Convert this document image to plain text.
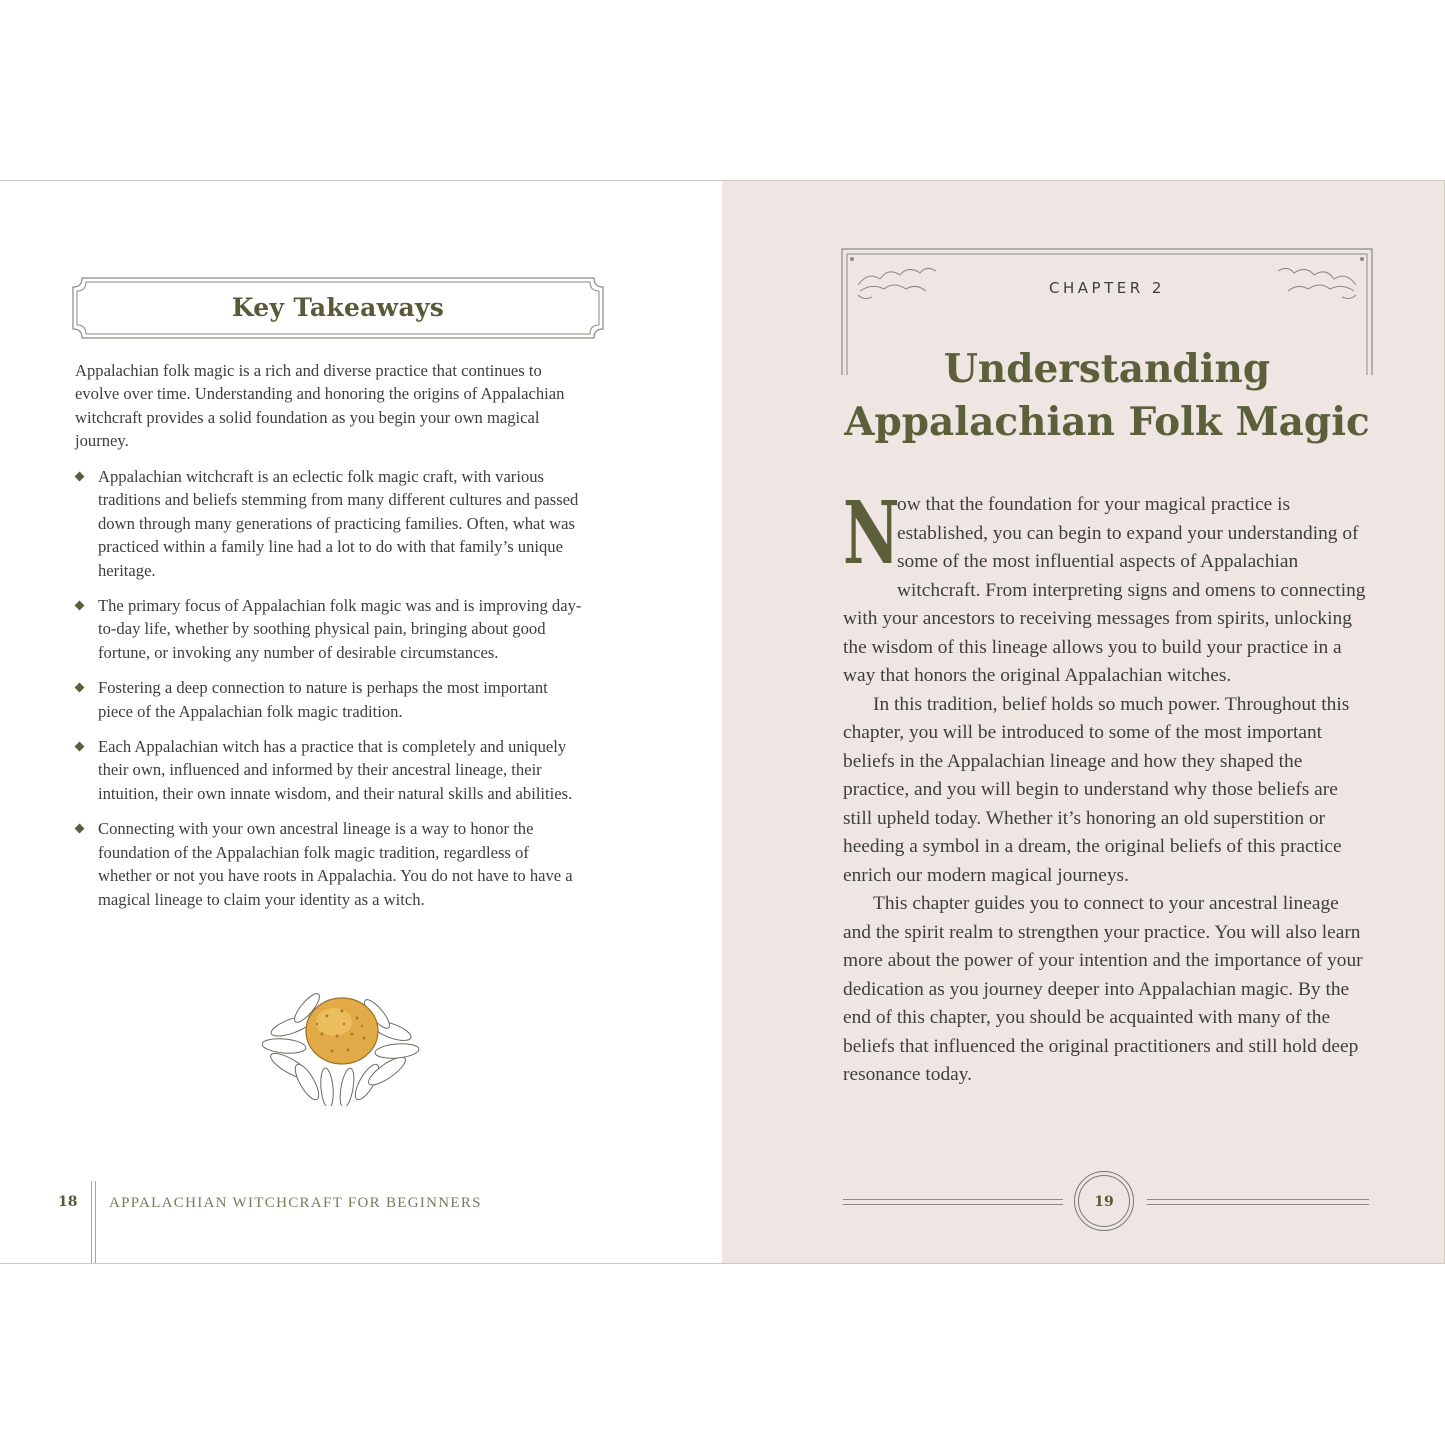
Key Takeaways

Appalachian folk magic is a rich and diverse practice that continues to evolve over time. Understanding and honoring the origins of Appalachian witchcraft provides a solid foundation as you begin your own magical journey.

Appalachian witchcraft is an eclectic folk magic craft, with various traditions and beliefs stemming from many different cultures and passed down through many generations of practicing families. Often, what was practiced within a family line had a lot to do with that family’s unique heritage.
The primary focus of Appalachian folk magic was and is improving day-to-day life, whether by soothing physical pain, bringing about good fortune, or invoking any number of desirable circumstances.
Fostering a deep connection to nature is perhaps the most important piece of the Appalachian folk magic tradition.
Each Appalachian witch has a practice that is completely and uniquely their own, influenced and informed by their ancestral lineage, their intuition, their own innate wisdom, and their natural skills and abilities.
Connecting with your own ancestral lineage is a way to honor the foundation of the Appalachian folk magic tradition, regardless of whether or not you have roots in Appalachia. You do not have to have a magical lineage to claim your identity as a witch.
18 APPALACHIAN WITCHCRAFT FOR BEGINNERS
CHAPTER 2
Understanding
Appalachian Folk Magic

N
ow that the foundation for your magical practice is established, you can begin to expand your understanding of some of the most influential aspects of Appalachian witchcraft. From interpreting signs and omens to connecting with your ancestors to receiving messages from spirits, unlocking the wisdom of this lineage allows you to build your practice in a way that honors the original Appalachian witches.

In this tradition, belief holds so much power. Throughout this chapter, you will be introduced to some of the most important beliefs in the Appalachian lineage and how they shaped the practice, and you will begin to understand why those beliefs are still upheld today. Whether it’s honoring an old superstition or heeding a symbol in a dream, the original beliefs of this practice enrich our modern magical journeys.

This chapter guides you to connect to your ancestral lineage and the spirit realm to strengthen your practice. You will also learn more about the power of your intention and the importance of your dedication as you journey deeper into Appalachian magic. By the end of this chapter, you should be acquainted with many of the beliefs that influenced the original practitioners and still hold deep resonance today.

19
